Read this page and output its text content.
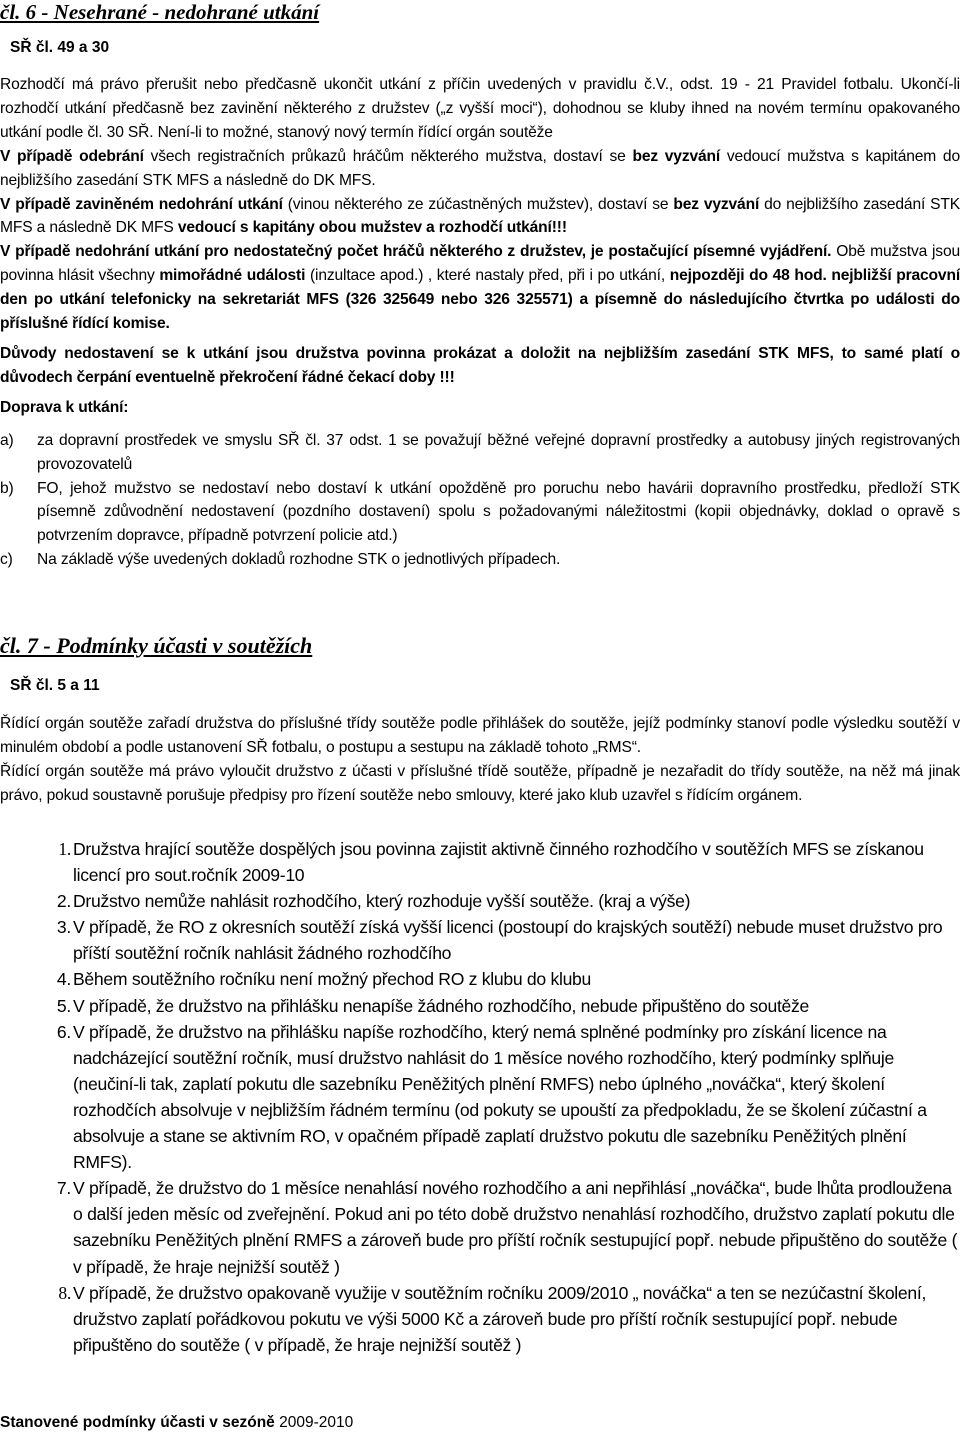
čl. 6 - Nesehrané - nedohrané utkání
SŘ čl. 49 a 30

Rozhodčí má právo přerušit nebo předčasně ukončit utkání z příčin uvedených v pravidlu č.V., odst. 19 - 21 Pravidel fotbalu. Ukončí-li rozhodčí utkání předčasně bez zavinění některého z družstev („z vyšší moci“), dohodnou se kluby ihned na novém termínu opakovaného utkání podle čl. 30 SŘ. Není-li to možné, stanový nový termín řídící orgán soutěže

V případě odebrání všech registračních průkazů hráčům některého mužstva, dostaví se bez vyzvání vedoucí mužstva s kapitánem do nejbližšího zasedání STK MFS a následně do DK MFS.

V případě zaviněném nedohrání utkání (vinou některého ze zúčastněných mužstev), dostaví se bez vyzvání do nejbližšího zasedání STK MFS a následně DK MFS vedoucí s kapitány obou mužstev a rozhodčí utkání!!!

V případě nedohrání utkání pro nedostatečný počet hráčů některého z družstev, je postačující písemné vyjádření. Obě mužstva jsou povinna hlásit všechny mimořádné události (inzultace apod.) , které nastaly před, při i po utkání, nejpozději do 48 hod. nejbližší pracovní den po utkání telefonicky na sekretariát MFS (326 325649 nebo 326 325571) a písemně do následujícího čtvrtka po události do příslušné řídící komise.

Důvody nedostavení se k utkání jsou družstva povinna prokázat a doložit na nejbližším zasedání STK MFS, to samé platí o důvodech čerpání eventuelně překročení řádné čekací doby !!!

Doprava k utkání:

a)	za dopravní prostředek ve smyslu SŘ čl. 37 odst. 1 se považují běžné veřejné dopravní prostředky a autobusy jiných registrovaných provozovatelů
b)	FO, jehož mužstvo se nedostaví nebo dostaví k utkání opožděně pro poruchu nebo havárii dopravního prostředku, předloží STK písemně zdůvodnění nedostavení (pozdního dostavení) spolu s požadovanými náležitostmi (kopii objednávky, doklad o opravě s potvrzením dopravce, případně potvrzení policie atd.)
c)	Na základě výše uvedených dokladů rozhodne STK o jednotlivých případech.
čl. 7 - Podmínky účasti v soutěžích
SŘ čl. 5 a 11

Řídící orgán soutěže zařadí družstva do příslušné třídy soutěže podle přihlášek do soutěže, jejíž podmínky stanoví podle výsledku soutěží v minulém období a podle ustanovení SŘ fotbalu, o postupu a sestupu na základě tohoto „RMS“.

Řídící orgán soutěže má právo vyloučit družstvo z účasti v příslušné třídě soutěže, případně je nezařadit do třídy soutěže, na něž má jinak právo, pokud soustavně porušuje předpisy pro řízení soutěže nebo smlouvy, které jako klub uzavřel s řídícím orgánem.

1. Družstva hrající soutěže dospělých jsou povinna zajistit aktivně činného rozhodčího v soutěžích MFS se získanou licencí pro sout.ročník 2009-10
2. Družstvo nemůže nahlásit rozhodčího, který rozhoduje vyšší soutěže. (kraj a výše)
3. V případě, že RO z okresních soutěží získá vyšší licenci (postoupí do krajských soutěží) nebude muset družstvo pro příští soutěžní ročník nahlásit žádného rozhodčího
4. Během soutěžního ročníku není možný přechod RO z klubu do klubu
5. V případě, že družstvo na přihlášku nenapíše žádného rozhodčího, nebude připuštěno do soutěže
6. V případě, že družstvo na přihlášku napíše rozhodčího, který nemá splněné podmínky pro získání licence na nadcházející soutěžní ročník, musí družstvo nahlásit do 1 měsíce nového rozhodčího, který podmínky splňuje (neučiní-li tak, zaplatí pokutu dle sazebníku Peněžitých plnění RMFS) nebo úplného „nováčka“, který školení rozhodčích absolvuje v nejbližším řádném termínu (od pokuty se upouští za předpokladu, že se školení zúčastní a absolvuje a stane se aktivním RO, v opačném případě zaplatí družstvo pokutu dle sazebníku Peněžitých plnění RMFS).
7. V případě, že družstvo do 1 měsíce nenahlásí nového rozhodčího a ani nepřihlásí „nováčka“, bude lhůta prodloužena o další jeden měsíc od zveřejnění. Pokud ani po této době družstvo nenahlásí rozhodčího, družstvo zaplatí pokutu dle sazebníku Peněžitých plnění RMFS a zároveň bude pro příští ročník sestupující popř. nebude připuštěno do soutěže ( v případě, že hraje nejnižší soutěž )
8. V případě, že družstvo opakovaně využije v soutěžním ročníku 2009/2010 „ nováčka“ a ten se nezúčastní školení, družstvo zaplatí pořádkovou pokutu ve výši 5000 Kč a zároveň bude pro příští ročník sestupující popř. nebude připuštěno do soutěže ( v případě, že hraje nejnižší soutěž )
Stanovené podmínky účasti v sezóně 2009-2010
